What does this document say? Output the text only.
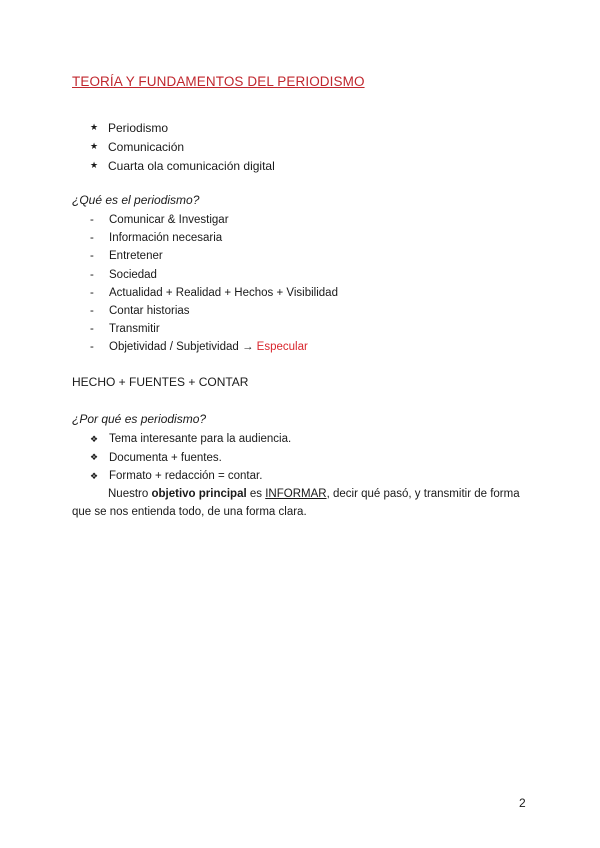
TEORÍA Y FUNDAMENTOS DEL PERIODISMO
★ Periodismo
★ Comunicación
★ Cuarta ola comunicación digital
¿Qué es el periodismo?
-	Comunicar & Investigar
-	Información necesaria
-	Entretener
-	Sociedad
-	Actualidad + Realidad + Hechos + Visibilidad
-	Contar historias
-	Transmitir
-	Objetividad / Subjetividad → Especular
HECHO + FUENTES + CONTAR
¿Por qué es periodismo?
❖ Tema interesante para la audiencia.
❖ Documenta + fuentes.
❖ Formato + redacción = contar.
Nuestro objetivo principal es INFORMAR, decir qué pasó, y transmitir de forma que se nos entienda todo, de una forma clara.
2
